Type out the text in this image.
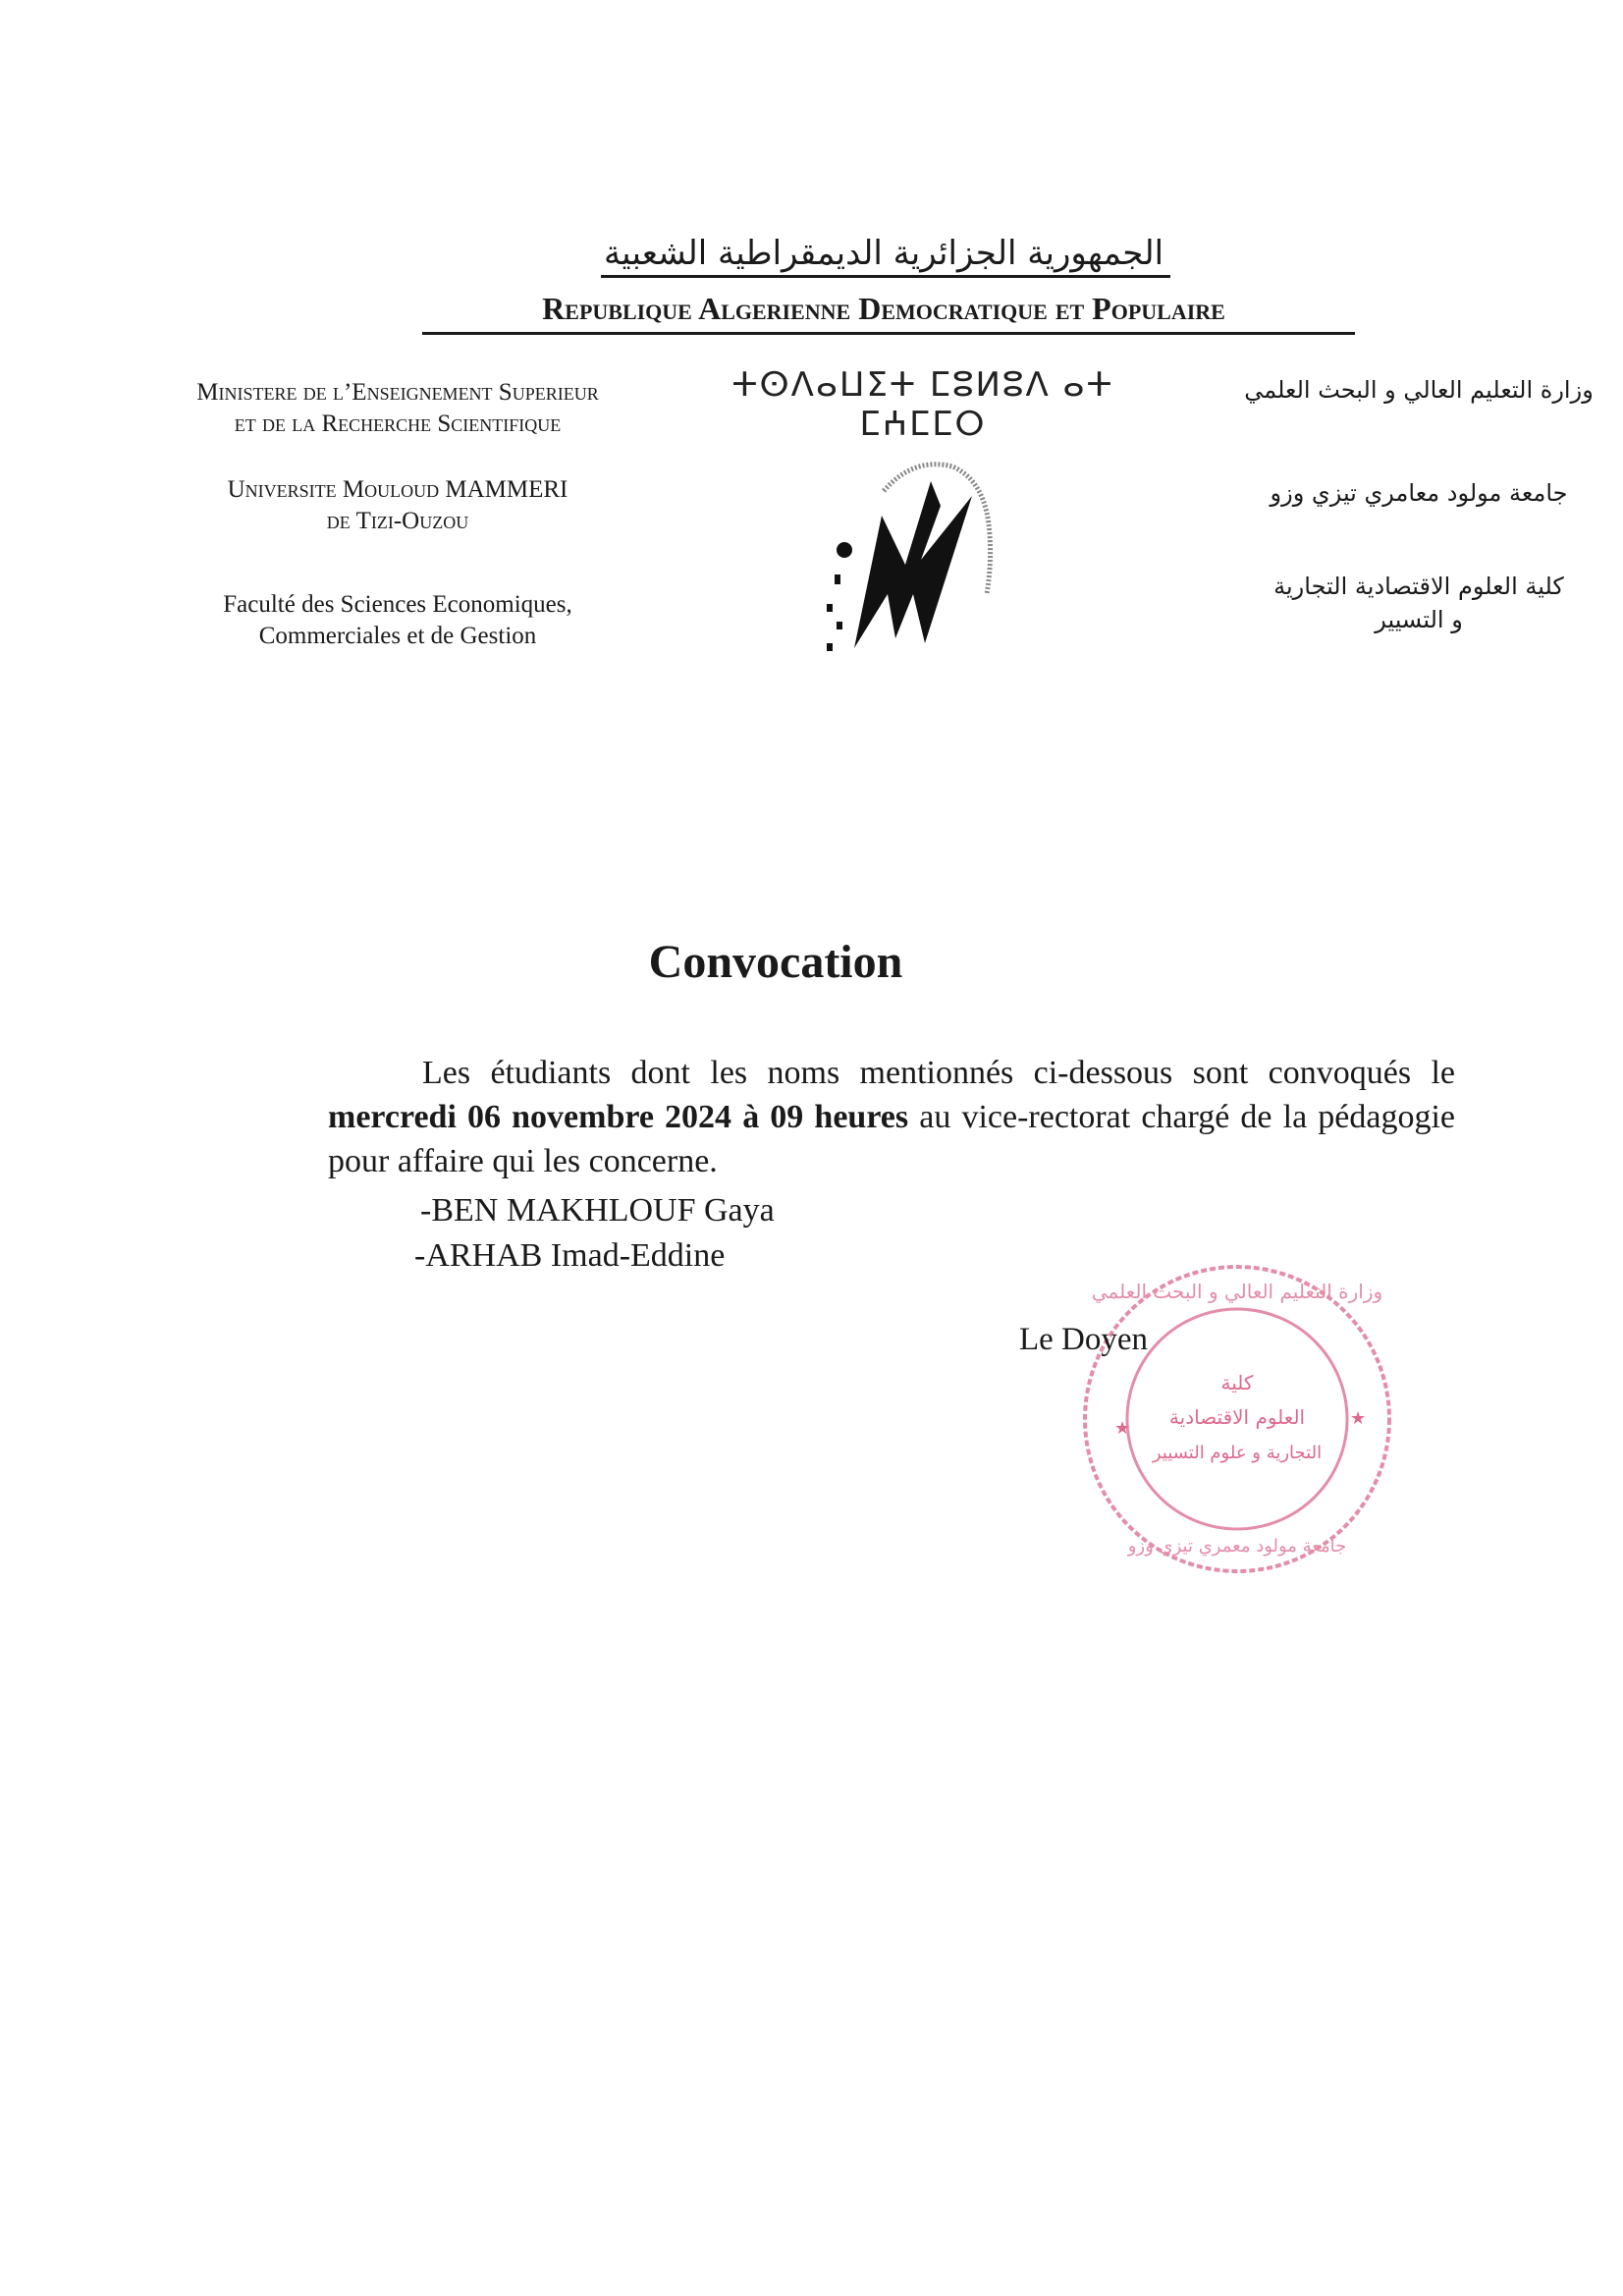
الجمهورية الجزائرية الديمقراطية الشعبية
Republique Algerienne Democratique et Populaire
Ministere de l’Enseignement Superieur
et de la Recherche Scientifique
Universite Mouloud MAMMERI
de Tizi-Ouzou
Faculté des Sciences Economiques,
Commerciales et de Gestion
ⵜⵙⴷⴰⵡⵉⵜ ⵎⵓⵍⵓⴷ ⴰⵜ ⵎⵄⵎⵎⵔ
وزارة التعليم العالي و البحث العلمي
جامعة مولود معامري تيزي وزو
كلية العلوم الاقتصادية التجارية
و التسيير
Convocation
Les étudiants dont les noms mentionnés ci-dessous sont convoqués le mercredi 06 novembre 2024 à 09 heures au vice-rectorat chargé de la pédagogie pour affaire qui les concerne.
-BEN MAKHLOUF Gaya
-ARHAB Imad-Eddine
كلية
العلوم الاقتصادية
التجارية و علوم التسيير
وزارة التعليم العالي و البحث العلمي
جامعة مولود معمري تيزي وزو
★	★
Le Doyen
